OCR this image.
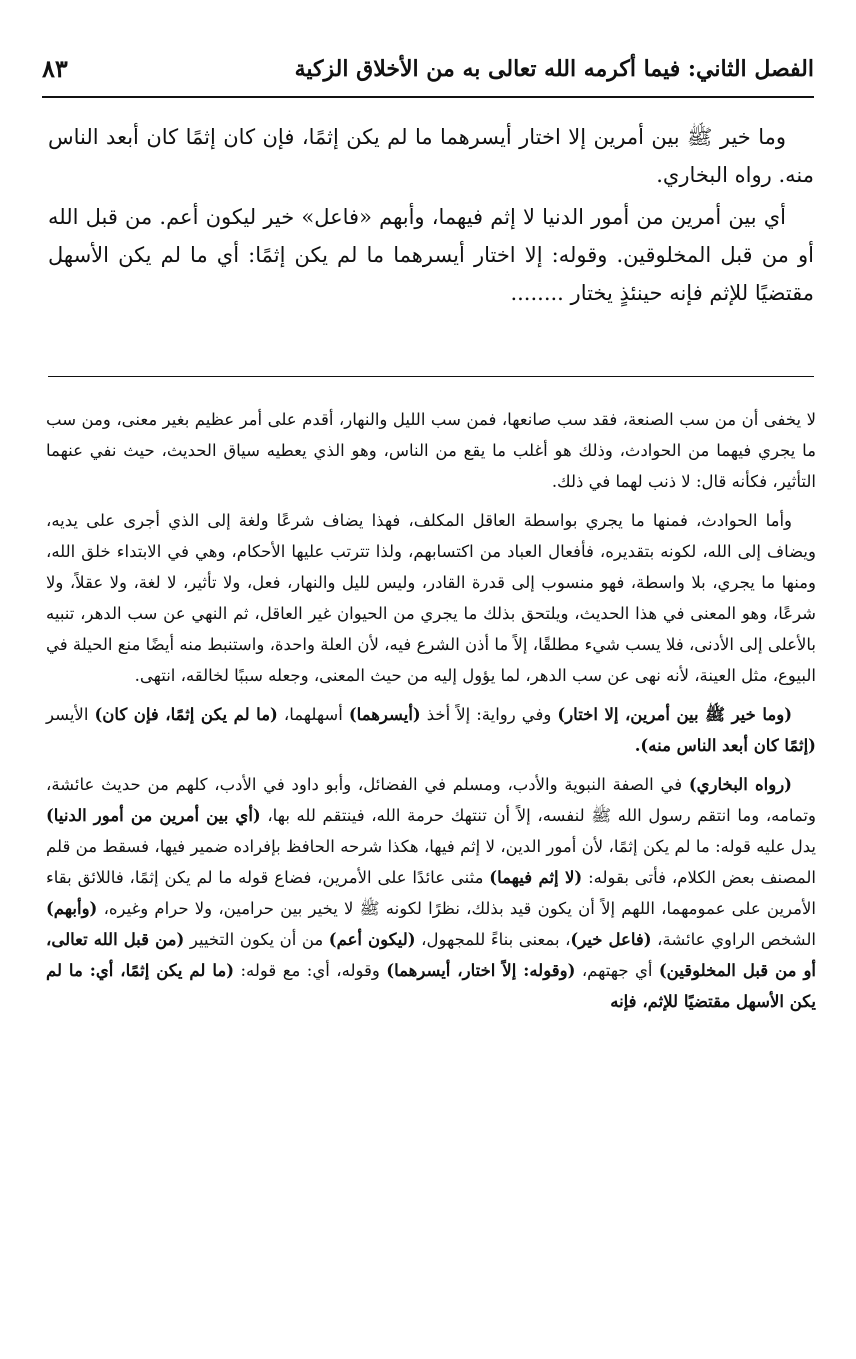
الفصل الثاني: فيما أكرمه الله تعالى به من الأخلاق الزكية
٨٣

وما خير ﷺ بين أمرين إلا اختار أيسرهما ما لم يكن إثمًا، فإن كان إثمًا كان أبعد الناس منه. رواه البخاري.

أي بين أمرين من أمور الدنيا لا إثم فيهما، وأبهم «فاعل» خير ليكون أعم. من قبل الله أو من قبل المخلوقين. وقوله: إلا اختار أيسرهما ما لم يكن إثمًا: أي ما لم يكن الأسهل مقتضيًا للإثم فإنه حينئذٍ يختار ........

لا يخفى أن من سب الصنعة، فقد سب صانعها، فمن سب الليل والنهار، أقدم على أمر عظيم بغير معنى، ومن سب ما يجري فيهما من الحوادث، وذلك هو أغلب ما يقع من الناس، وهو الذي يعطيه سياق الحديث، حيث نفي عنهما التأثير، فكأنه قال: لا ذنب لهما في ذلك.

وأما الحوادث، فمنها ما يجري بواسطة العاقل المكلف، فهذا يضاف شرعًا ولغة إلى الذي أجرى على يديه، ويضاف إلى الله، لكونه بتقديره، فأفعال العباد من اكتسابهم، ولذا تترتب عليها الأحكام، وهي في الابتداء خلق الله، ومنها ما يجري، بلا واسطة، فهو منسوب إلى قدرة القادر، وليس لليل والنهار، فعل، ولا تأثير، لا لغة، ولا عقلاً، ولا شرعًا، وهو المعنى في هذا الحديث، ويلتحق بذلك ما يجري من الحيوان غير العاقل، ثم النهي عن سب الدهر، تنبيه بالأعلى إلى الأدنى، فلا يسب شيء مطلقًا، إلاً ما أذن الشرع فيه، لأن العلة واحدة، واستنبط منه أيضًا منع الحيلة في البيوع، مثل العينة، لأنه نهى عن سب الدهر، لما يؤول إليه من حيث المعنى، وجعله سببًا لخالقه، انتهى.

(وما خير ﷺ بين أمرين، إلا اختار) وفي رواية: إلاً أخذ (أيسرهما) أسهلهما، (ما لم يكن إثمًا، فإن كان) الأيسر (إثمًا كان أبعد الناس منه).

(رواه البخاري) في الصفة النبوية والأدب، ومسلم في الفضائل، وأبو داود في الأدب، كلهم من حديث عائشة، وتمامه، وما انتقم رسول الله ﷺ لنفسه، إلاً أن تنتهك حرمة الله، فينتقم لله بها، (أي بين أمرين من أمور الدنيا) يدل عليه قوله: ما لم يكن إثمًا، لأن أمور الدين، لا إثم فيها، هكذا شرحه الحافظ بإفراده ضمير فيها، فسقط من قلم المصنف بعض الكلام، فأتى بقوله: (لا إثم فيهما) مثنى عائدًا على الأمرين، فضاع قوله ما لم يكن إثمًا، فاللائق بقاء الأمرين على عمومهما، اللهم إلاً أن يكون قيد بذلك، نظرًا لكونه ﷺ لا يخير بين حرامين، ولا حرام وغيره، (وأبهم) الشخص الراوي عائشة، (فاعل خير)، بمعنى بناءً للمجهول، (ليكون أعم) من أن يكون التخيير (من قبل الله تعالى، أو من قبل المخلوقين) أي جهتهم، (وقوله: إلاً اختار، أيسرهما) وقوله، أي: مع قوله: (ما لم يكن إثمًا، أي: ما لم يكن الأسهل مقتضيًا للإثم، فإنه
